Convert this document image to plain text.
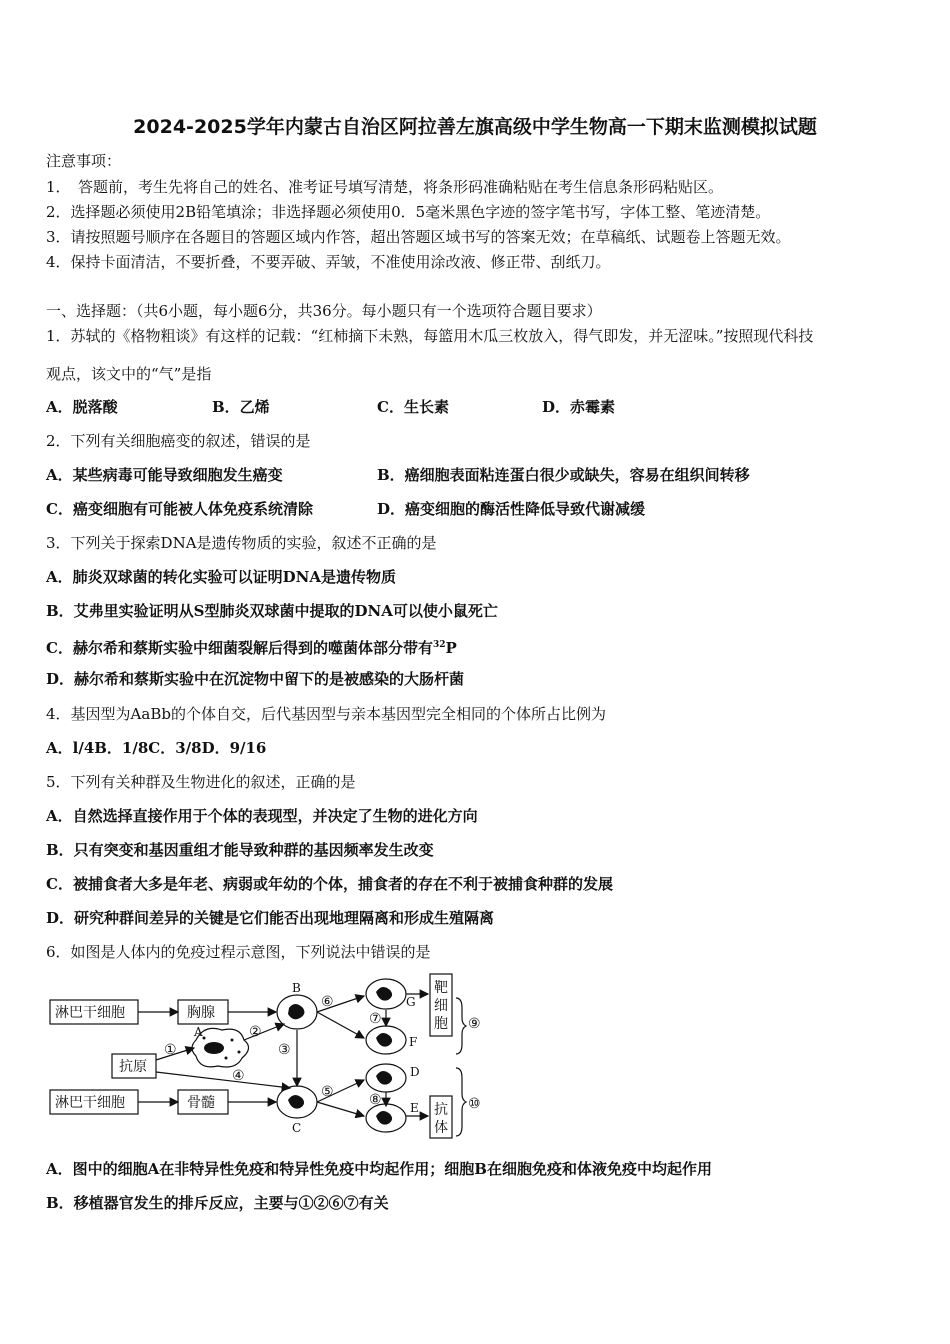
2024-2025学年内蒙古自治区阿拉善左旗高级中学生物高一下期末监测模拟试题
注意事项：
1．　答题前，考生先将自己的姓名、准考证号填写清楚，将条形码准确粘贴在考生信息条形码粘贴区。
2．选择题必须使用2B铅笔填涂；非选择题必须使用0．5毫米黑色字迹的签字笔书写，字体工整、笔迹清楚。
3．请按照题号顺序在各题目的答题区域内作答，超出答题区域书写的答案无效；在草稿纸、试题卷上答题无效。
4．保持卡面清洁，不要折叠，不要弄破、弄皱，不准使用涂改液、修正带、刮纸刀。
一、选择题：（共6小题，每小题6分，共36分。每小题只有一个选项符合题目要求）
1．苏轼的《格物粗谈》有这样的记载：“红柿摘下未熟，每篮用木瓜三枚放入，得气即发，并无涩味。”按照现代科技
观点，该文中的“气”是指
A．脱落酸	B．乙烯	C．生长素	D．赤霉素
2．下列有关细胞癌变的叙述，错误的是
A．某些病毒可能导致细胞发生癌变	B．癌细胞表面粘连蛋白很少或缺失，容易在组织间转移
C．癌变细胞有可能被人体免疫系统清除	D．癌变细胞的酶活性降低导致代谢减缓
3．下列关于探索DNA是遗传物质的实验，叙述不正确的是
A．肺炎双球菌的转化实验可以证明DNA是遗传物质
B．艾弗里实验证明从S型肺炎双球菌中提取的DNA可以使小鼠死亡
C．赫尔希和蔡斯实验中细菌裂解后得到的噬菌体部分带有$^{32}$P
D．赫尔希和蔡斯实验中在沉淀物中留下的是被感染的大肠杆菌
4．基因型为AaBb的个体自交，后代基因型与亲本基因型完全相同的个体所占比例为
A．l/4B．1/8C．3/8D．9/16
5．下列有关种群及生物进化的叙述，正确的是
A．自然选择直接作用于个体的表现型，并决定了生物的进化方向
B．只有突变和基因重组才能导致种群的基因频率发生改变
C．被捕食者大多是年老、病弱或年幼的个体，捕食者的存在不利于被捕食种群的发展
D．研究种群间差异的关键是它们能否出现地理隔离和形成生殖隔离
6．如图是人体内的免疫过程示意图，下列说法中错误的是
淋巴干细胞	胸腺
B
⑥	G
⑦
F
靶
细
胞 ⑨
抗原
①
④
A	②
③
淋巴干细胞	骨髓
C
⑤
D
⑧ E 抗
体
⑩
A．图中的细胞A在非特异性免疫和特异性免疫中均起作用；细胞B在细胞免疫和体液免疫中均起作用
B．移植器官发生的排斥反应，主要与①②⑥⑦有关
